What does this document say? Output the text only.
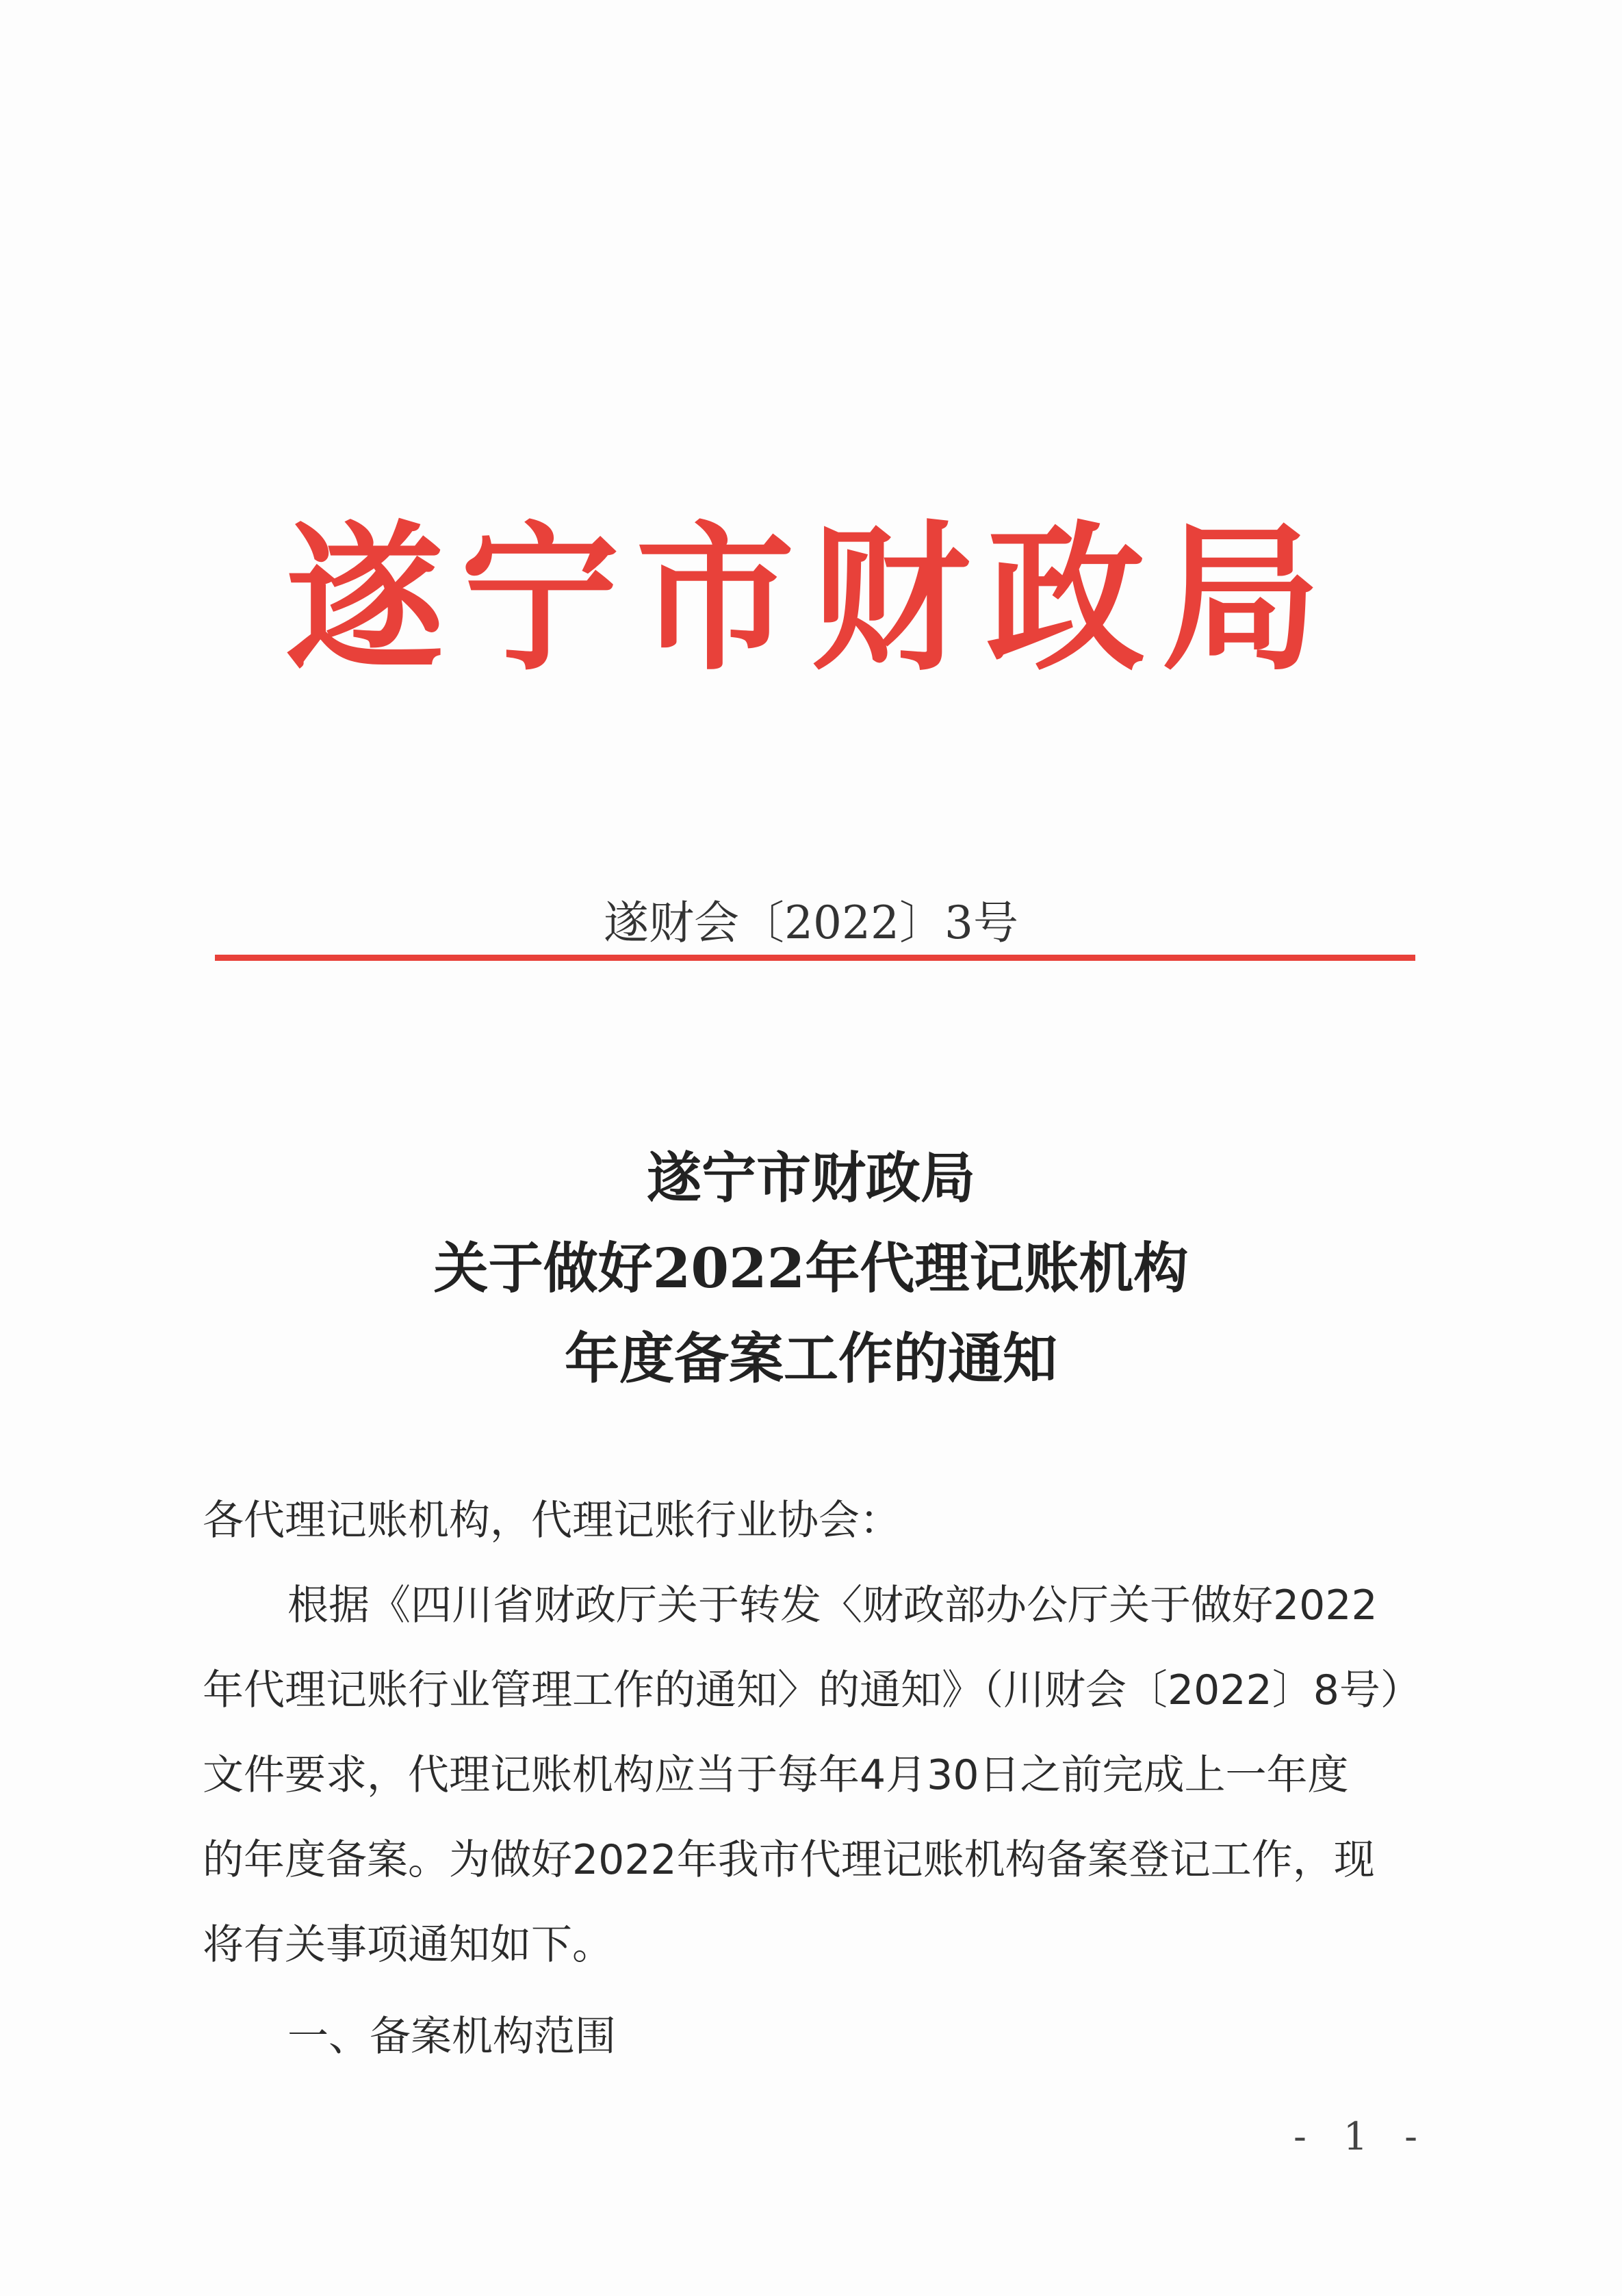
遂宁市财政局
遂财会〔2022〕3号
遂宁市财政局
关于做好2022年代理记账机构
年度备案工作的通知
各代理记账机构，代理记账行业协会：
根据《四川省财政厅关于转发〈财政部办公厅关于做好2022
年代理记账行业管理工作的通知〉的通知》（川财会〔2022〕8号）
文件要求，代理记账机构应当于每年4月30日之前完成上一年度
的年度备案。为做好2022年我市代理记账机构备案登记工作，现
将有关事项通知如下。
一、备案机构范围
- 1 -
